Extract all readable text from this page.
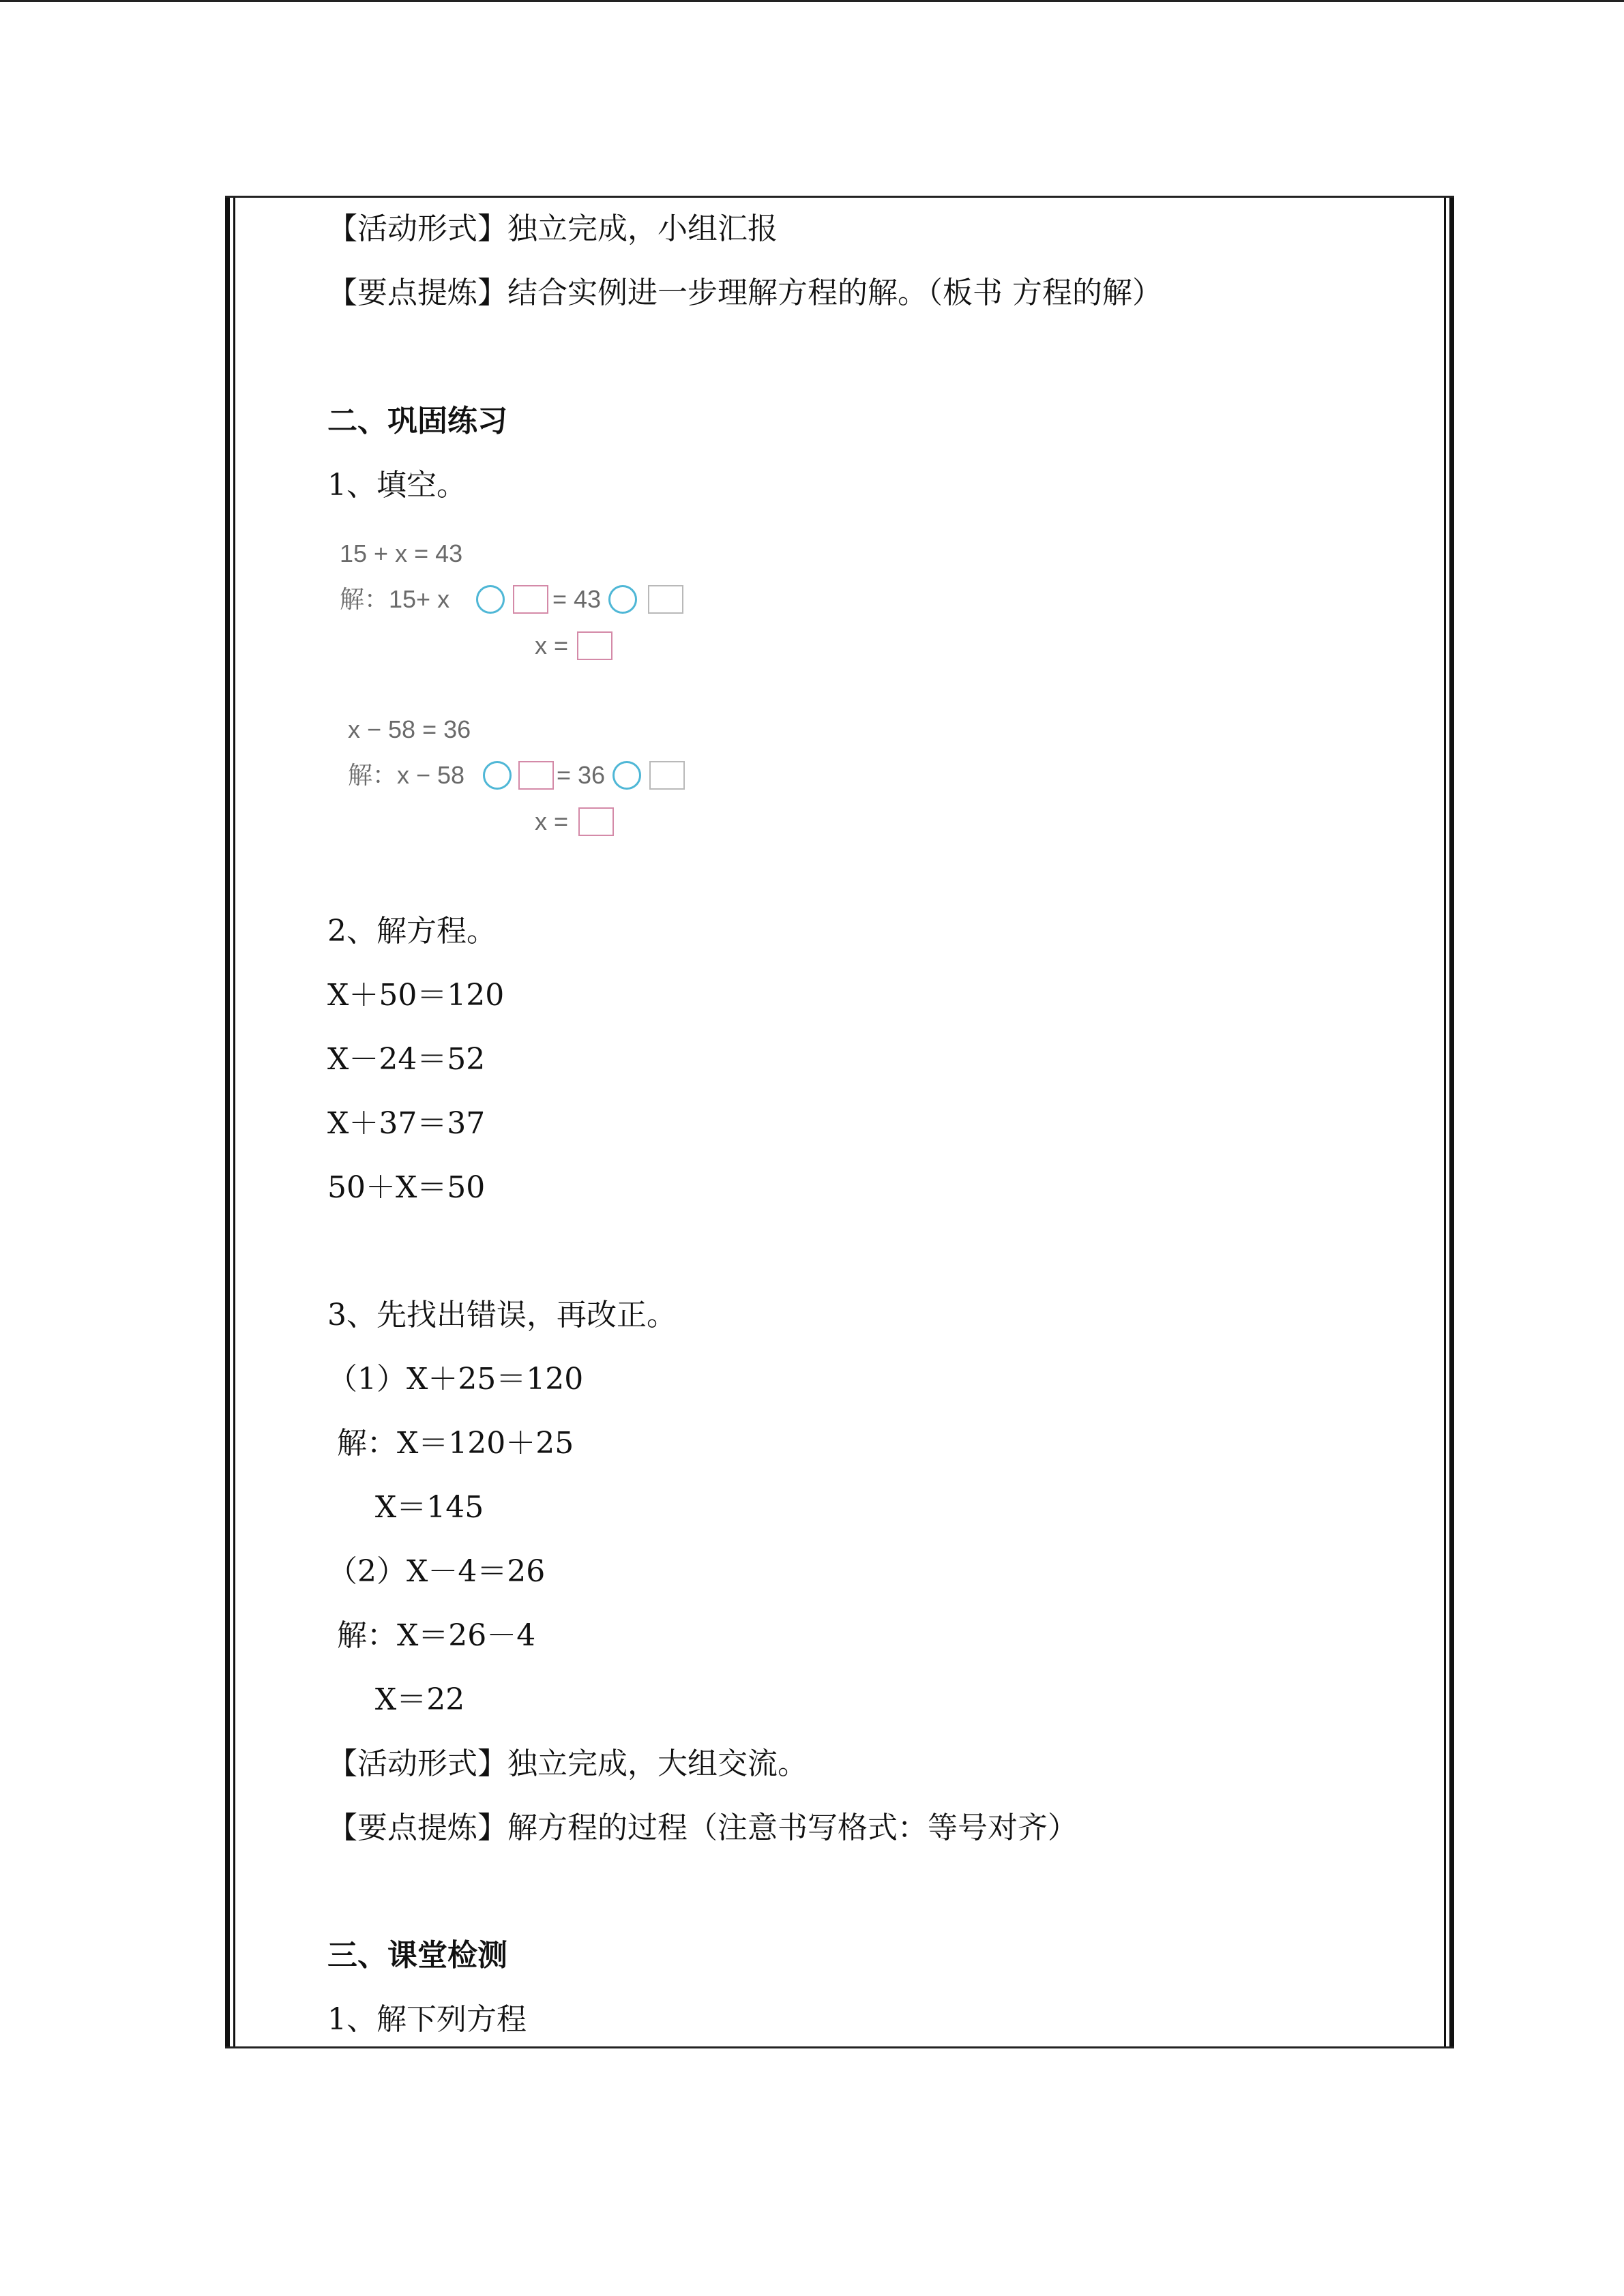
【活动形式】独立完成，小组汇报
【要点提炼】结合实例进一步理解方程的解。（板书 方程的解）
二、巩固练习
1、填空。
15 + x = 43
解：15+ x	= 43
x =
x − 58 = 36
解：x − 58	= 36
x =
2、解方程。
X＋50＝120
X－24＝52
X＋37＝37
50＋X＝50
3、先找出错误，再改正。
（1）X＋25＝120
解：X＝120＋25
X＝145
（2）X－4＝26
解：X＝26－4
X＝22
【活动形式】独立完成，大组交流。
【要点提炼】解方程的过程（注意书写格式：等号对齐）
三、课堂检测
1、解下列方程
